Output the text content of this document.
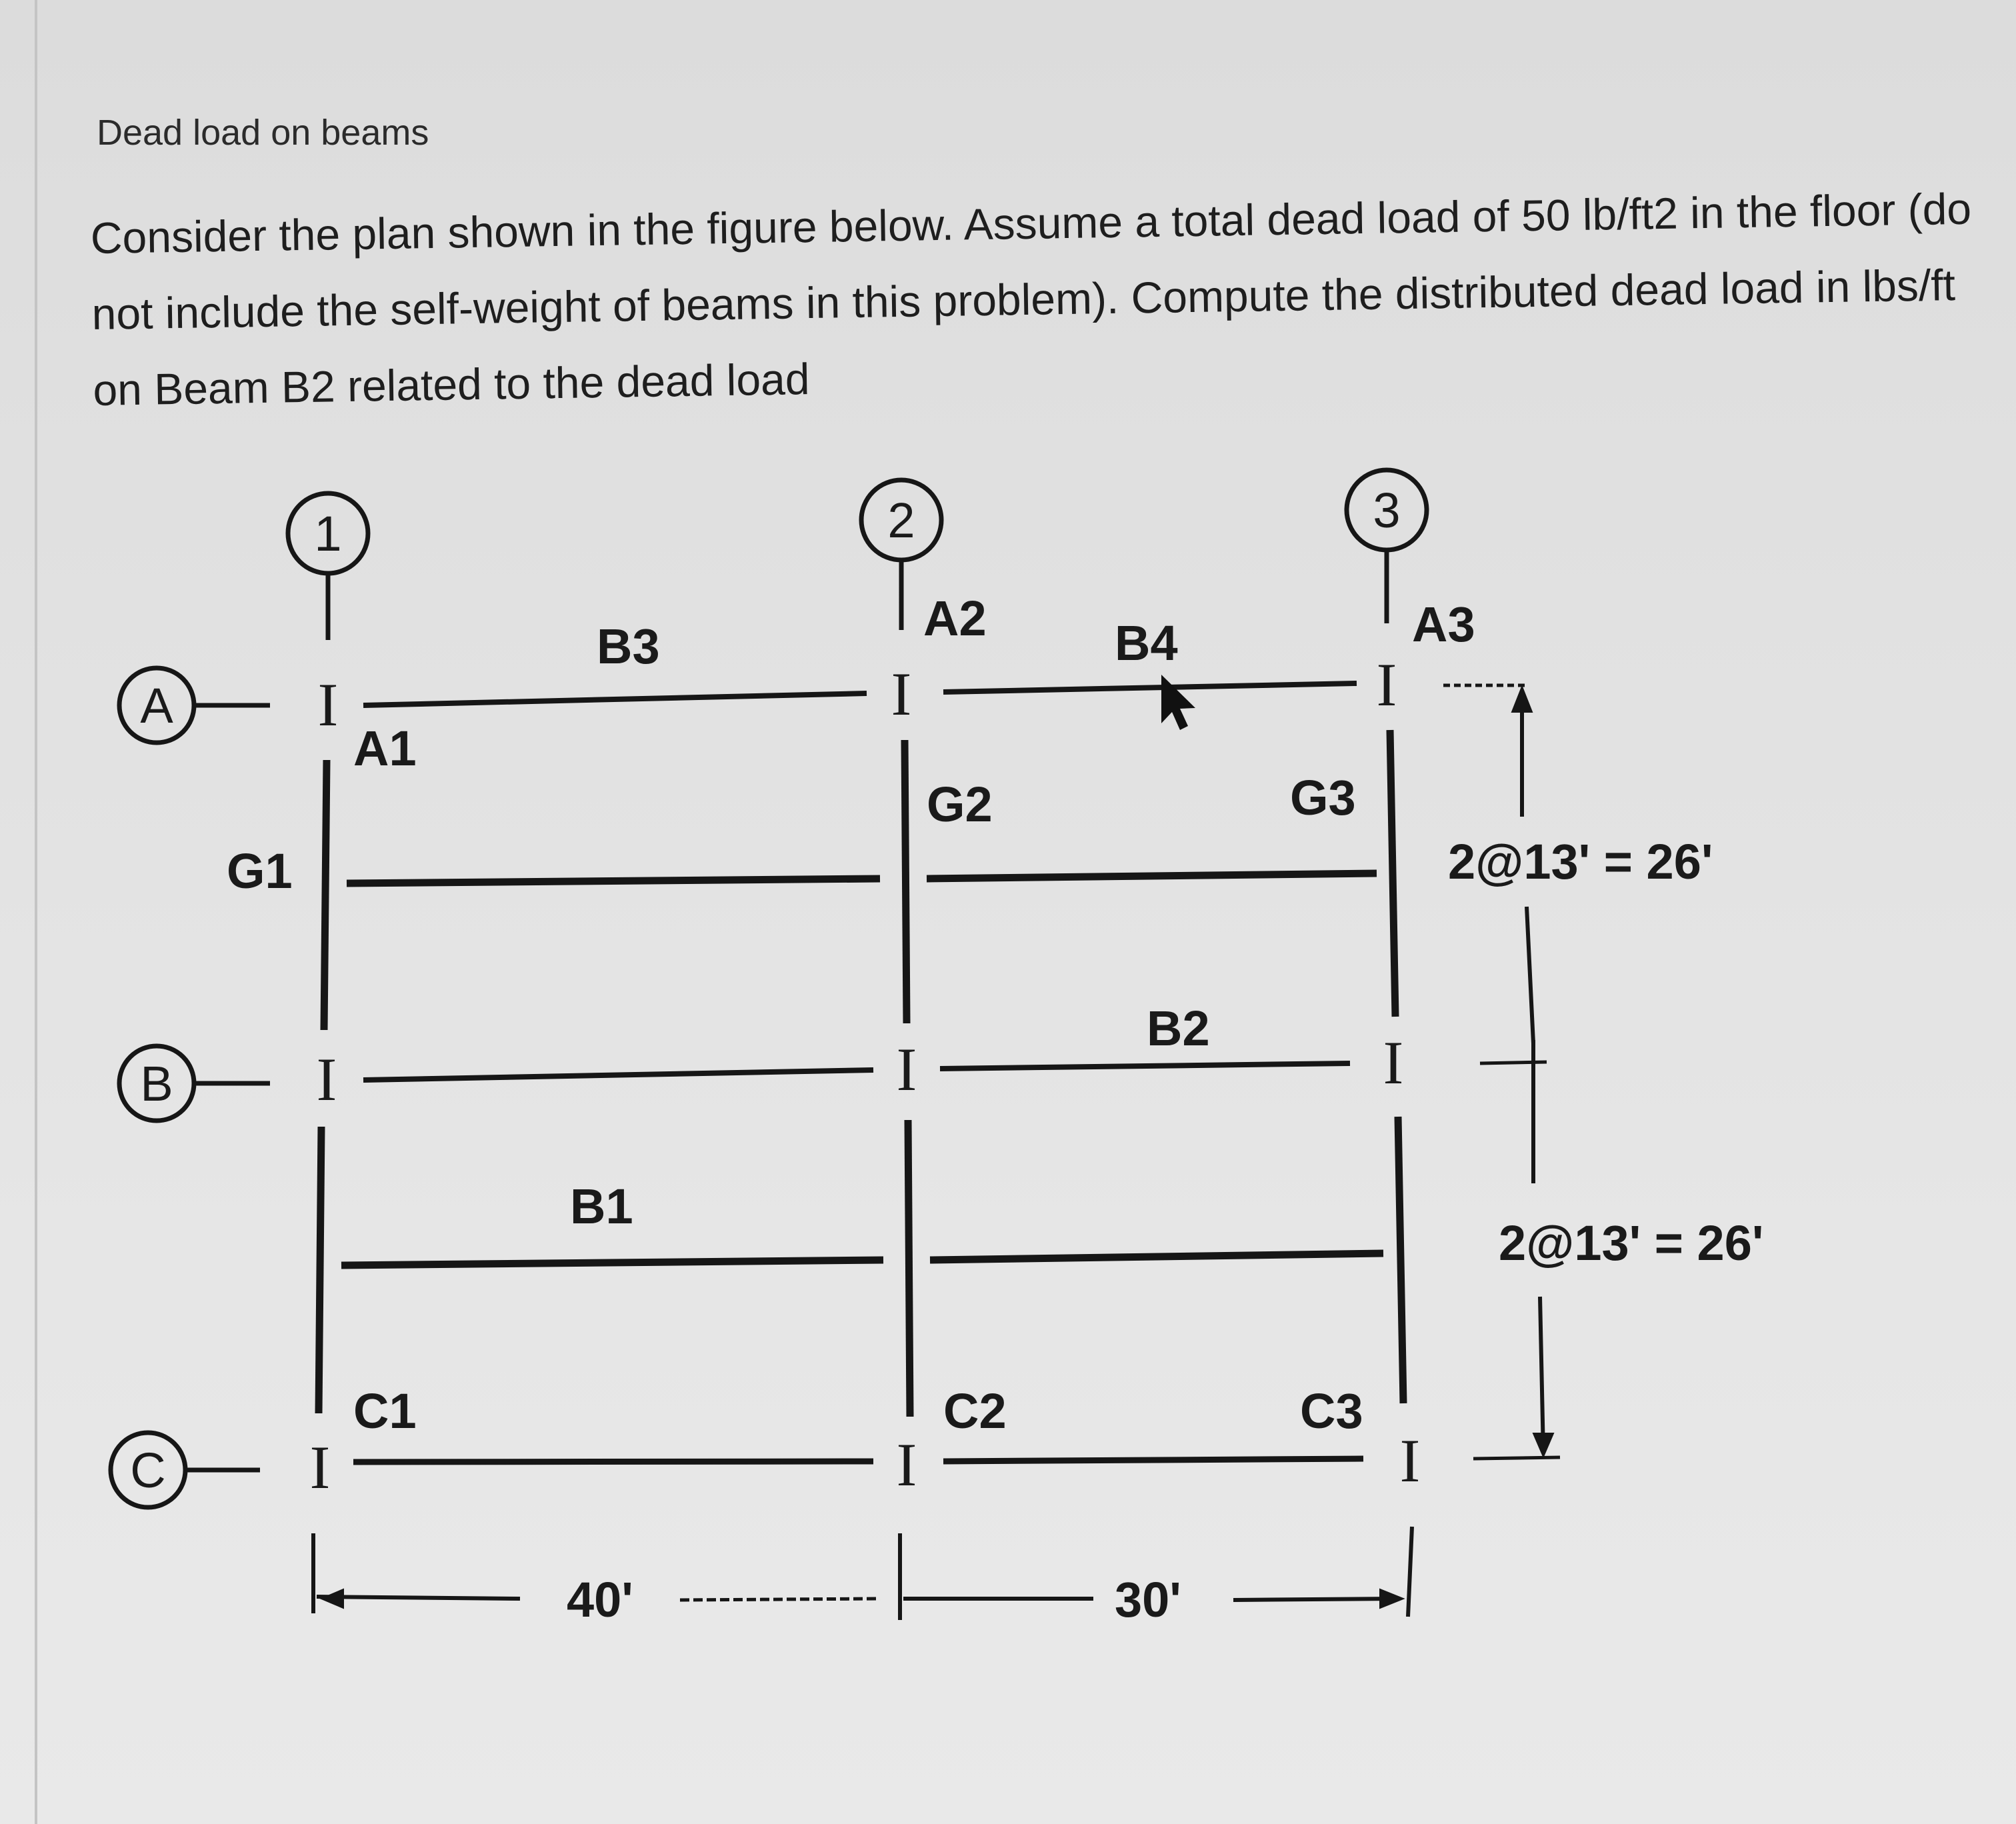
Dead load on beams
Consider the plan shown in the figure below. Assume a total dead load of 50 lb/ft2 in the floor (do not include the self-weight of beams in this problem). Compute the distributed dead load in lbs/ft on Beam B2 related to the dead load
1	2	3
A
B
C
I	I	I
I	I	I
I	I	I
B3	B4
B2
B1
G1
G2	G3
A1
A2	A3
C1	C2	C3
2@13' = 26'
2@13' = 26'
40'	30'
